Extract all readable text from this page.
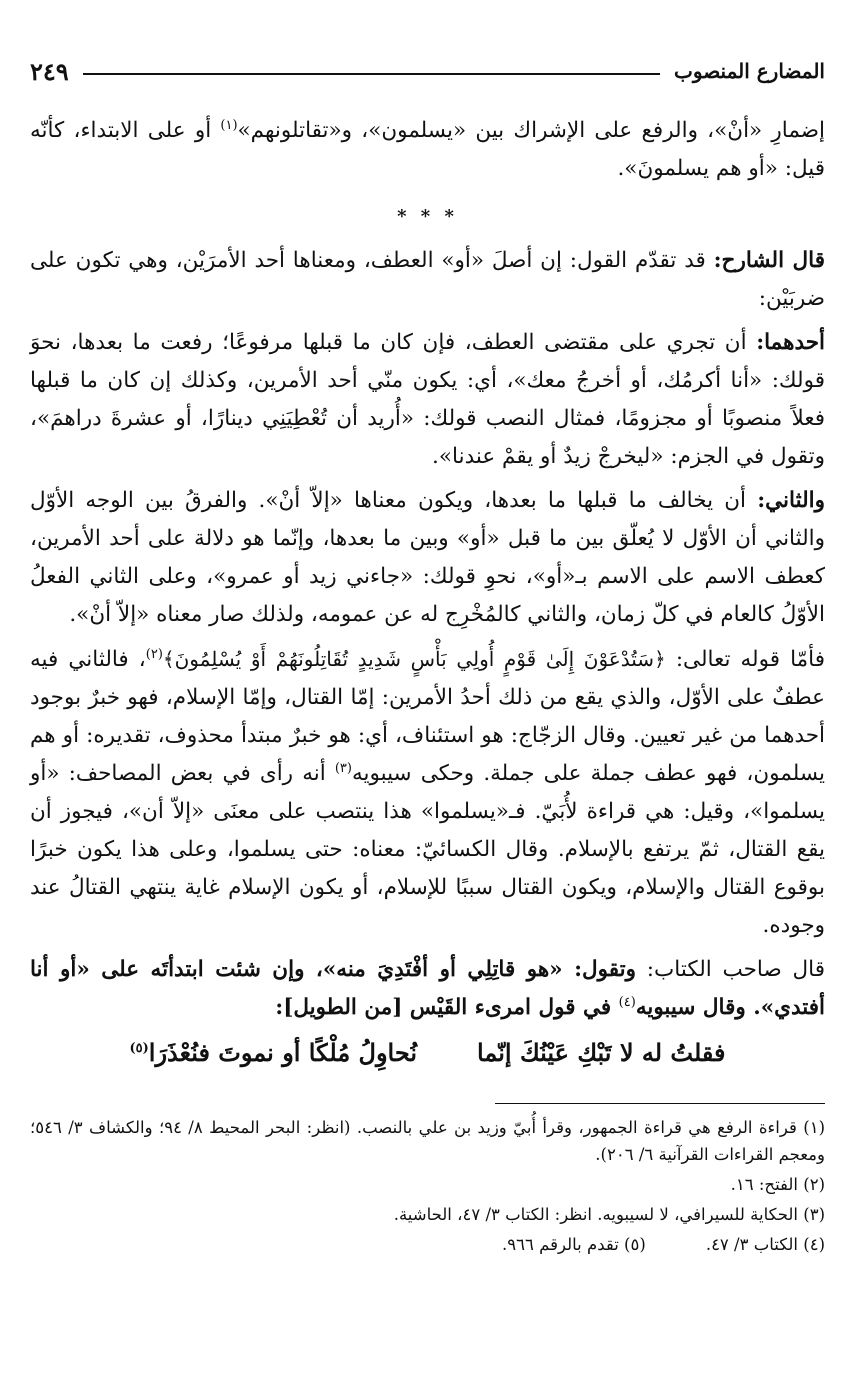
المضارع المنصوب
٢٤٩

إضمارِ «أنْ»، والرفع على الإشراك بين «يسلمون»، و«تقاتلونهم»$^{(١)}$ أو على الابتداء، كأنّه قيل: «أو هم يسلمونَ».

* * *

قال الشارح: قد تقدّم القول: إن أصلَ «أو» العطف، ومعناها أحد الأمرَيْن، وهي تكون على ضربَيْن:

أحدهما: أن تجري على مقتضى العطف، فإن كان ما قبلها مرفوعًا؛ رفعت ما بعدها، نحوَ قولك: «أنا أكرمُك، أو أخرجُ معك»، أي: يكون منّي أحد الأمرين، وكذلك إن كان ما قبلها فعلاً منصوبًا أو مجزومًا، فمثال النصب قولك: «أُريد أن تُعْطِيَنِي دينارًا، أو عشرةَ دراهمَ»، وتقول في الجزم: «ليخرجْ زيدٌ أو يقمْ عندنا».

والثاني: أن يخالف ما قبلها ما بعدها، ويكون معناها «إلاّ أنْ». والفرقُ بين الوجه الأوّل والثاني أن الأوّل لا يُعلّق بين ما قبل «أو» وبين ما بعدها، وإنّما هو دلالة على أحد الأمرين، كعطف الاسم على الاسم بـ«أو»، نحوِ قولك: «جاءني زيد أو عمرو»، وعلى الثاني الفعلُ الأوّلُ كالعام في كلّ زمان، والثاني كالمُخْرِج له عن عمومه، ولذلك صار معناه «إلاّ أنْ».

فأمّا قوله تعالى: ﴿سَتُدْعَوْنَ إِلَىٰ قَوْمٍ أُولِي بَأْسٍ شَدِيدٍ تُقَاتِلُونَهُمْ أَوْ يُسْلِمُونَ﴾$^{(٢)}$، فالثاني فيه عطفٌ على الأوّل، والذي يقع من ذلك أحدُ الأمرين: إمّا القتال، وإمّا الإسلام، فهو خبرٌ بوجود أحدهما من غير تعيين. وقال الزجّاج: هو استئناف، أي: هو خبرٌ مبتدأ محذوف، تقديره: أو هم يسلمون، فهو عطف جملة على جملة. وحكى سيبويه$^{(٣)}$ أنه رأى في بعض المصاحف: «أو يسلموا»، وقيل: هي قراءة لأُبَيّ. فـ«يسلموا» هذا ينتصب على معنَى «إلاّ أن»، فيجوز أن يقع القتال، ثمّ يرتفع بالإسلام. وقال الكسائيّ: معناه: حتى يسلموا، وعلى هذا يكون خبرًا بوقوع القتال والإسلام، ويكون القتال سببًا للإسلام، أو يكون الإسلام غاية ينتهي القتالُ عند وجوده.

قال صاحب الكتاب: وتقول: «هو قاتِلِي أو أفْتَدِيَ منه»، وإن شئت ابتدأتَه على «أو أنا أفتدي». وقال سيبويه$^{(٤)}$ في قول امرىء القَيْس [من الطويل]:

فقلتُ له لا تَبْكِ عَيْنُكَ إنّما
نُحاوِلُ مُلْكًا أو نموتَ فنُعْذَرَا$^{(٥)}$

(١) قراءة الرفع هي قراءة الجمهور، وقرأ أُبيّ وزيد بن علي بالنصب. (انظر: البحر المحيط ٨/ ٩٤؛ والكشاف ٣/ ٥٤٦؛ ومعجم القراءات القرآنية ٦/ ٢٠٦).

(٢) الفتح: ١٦.

(٣) الحكاية للسيرافي، لا لسيبويه. انظر: الكتاب ٣/ ٤٧، الحاشية.

(٤) الكتاب ٣/ ٤٧.
(٥) تقدم بالرقم ٩٦٦.
